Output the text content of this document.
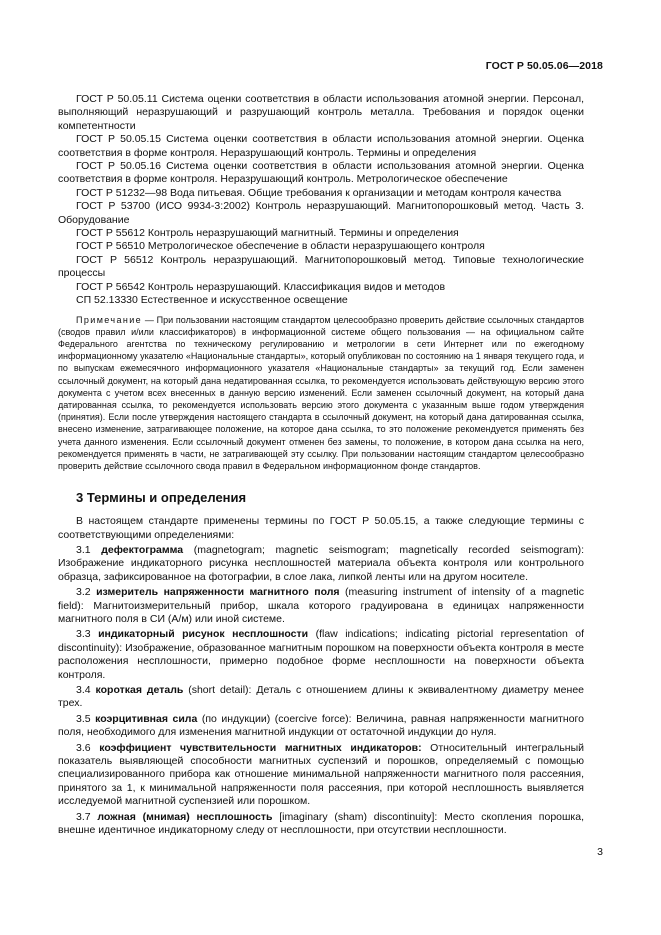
ГОСТ Р 50.05.06—2018

ГОСТ Р 50.05.11 Система оценки соответствия в области использования атомной энергии. Персонал, выполняющий неразрушающий и разрушающий контроль металла. Требования и порядок оценки компетентности

ГОСТ Р 50.05.15 Система оценки соответствия в области использования атомной энергии. Оценка соответствия в форме контроля. Неразрушающий контроль. Термины и определения

ГОСТ Р 50.05.16 Система оценки соответствия в области использования атомной энергии. Оценка соответствия в форме контроля. Неразрушающий контроль. Метрологическое обеспечение

ГОСТ Р 51232—98 Вода питьевая. Общие требования к организации и методам контроля качества

ГОСТ Р 53700 (ИСО 9934-3:2002) Контроль неразрушающий. Магнитопорошковый метод. Часть 3. Оборудование

ГОСТ Р 55612 Контроль неразрушающий магнитный. Термины и определения

ГОСТ Р 56510 Метрологическое обеспечение в области неразрушающего контроля

ГОСТ Р 56512 Контроль неразрушающий. Магнитопорошковый метод. Типовые технологические процессы

ГОСТ Р 56542 Контроль неразрушающий. Классификация видов и методов

СП 52.13330 Естественное и искусственное освещение

Примечание — При пользовании настоящим стандартом целесообразно проверить действие ссылочных стандартов (сводов правил и/или классификаторов) в информационной системе общего пользования — на официальном сайте Федерального агентства по техническому регулированию и метрологии в сети Интернет или по ежегодному информационному указателю «Национальные стандарты», который опубликован по состоянию на 1 января текущего года, и по выпускам ежемесячного информационного указателя «Национальные стандарты» за текущий год. Если заменен ссылочный документ, на который дана недатированная ссылка, то рекомендуется использовать действующую версию этого документа с учетом всех внесенных в данную версию изменений. Если заменен ссылочный документ, на который дана датированная ссылка, то рекомендуется использовать версию этого документа с указанным выше годом утверждения (принятия). Если после утверждения настоящего стандарта в ссылочный документ, на который дана датированная ссылка, внесено изменение, затрагивающее положение, на которое дана ссылка, то это положение рекомендуется применять без учета данного изменения. Если ссылочный документ отменен без замены, то положение, в котором дана ссылка на него, рекомендуется применять в части, не затрагивающей эту ссылку. При пользовании настоящим стандартом целесообразно проверить действие ссылочного свода правил в Федеральном информационном фонде стандартов.

3 Термины и определения

В настоящем стандарте применены термины по ГОСТ Р 50.05.15, а также следующие термины с соответствующими определениями:

3.1 дефектограмма (magnetogram; magnetic seismogram; magnetically recorded seismogram): Изображение индикаторного рисунка несплошностей материала объекта контроля или контрольного образца, зафиксированное на фотографии, в слое лака, липкой ленты или на другом носителе.

3.2 измеритель напряженности магнитного поля (measuring instrument of intensity of a magnetic field): Магнитоизмерительный прибор, шкала которого градуирована в единицах напряженности магнитного поля в СИ (А/м) или иной системе.

3.3 индикаторный рисунок несплошности (flaw indications; indicating pictorial representation of discontinuity): Изображение, образованное магнитным порошком на поверхности объекта контроля в месте расположения несплошности, примерно подобное форме несплошности на поверхности объекта контроля.

3.4 короткая деталь (short detail): Деталь с отношением длины к эквивалентному диаметру менее трех.

3.5 коэрцитивная сила (по индукции) (coercive force): Величина, равная напряженности магнитного поля, необходимого для изменения магнитной индукции от остаточной индукции до нуля.

3.6 коэффициент чувствительности магнитных индикаторов: Относительный интегральный показатель выявляющей способности магнитных суспензий и порошков, определяемый с помощью специализированного прибора как отношение минимальной напряженности магнитного поля рассеяния, принятого за 1, к минимальной напряженности поля рассеяния, при которой несплошность выявляется исследуемой магнитной суспензией или порошком.

3.7 ложная (мнимая) несплошность [imaginary (sham) discontinuity]: Место скопления порошка, внешне идентичное индикаторному следу от несплошности, при отсутствии несплошности.

3
